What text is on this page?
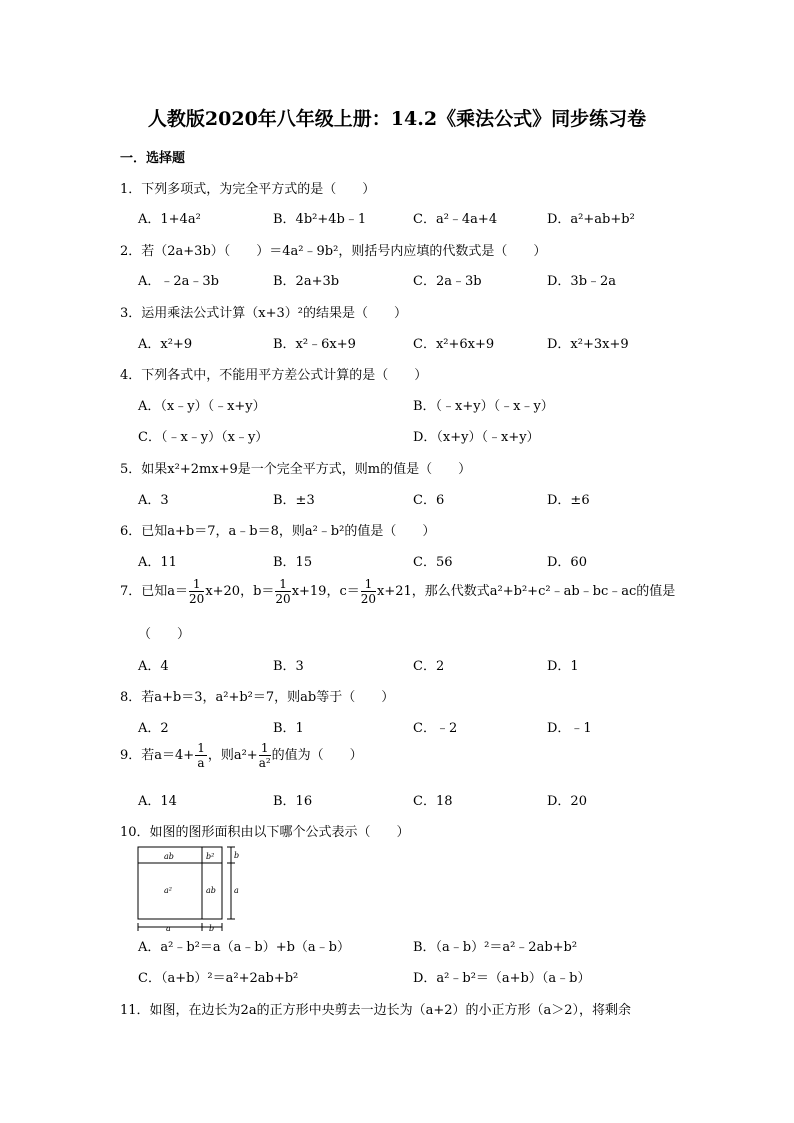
人教版2020年八年级上册：14.2《乘法公式》同步练习卷
一．选择题
1．下列多项式，为完全平方式的是（　　）
A．1+4a²	B．4b²+4b﹣1	C．a²﹣4a+4	D．a²+ab+b²
2．若（2a+3b）（　　）＝4a²﹣9b²，则括号内应填的代数式是（　　）
A．﹣2a﹣3b	B．2a+3b	C．2a﹣3b	D．3b﹣2a
3．运用乘法公式计算（x+3）²的结果是（　　）
A．x²+9	B．x²﹣6x+9	C．x²+6x+9	D．x²+3x+9
4．下列各式中，不能用平方差公式计算的是（　　）
A．（x﹣y）（﹣x+y）	B．（﹣x+y）（﹣x﹣y）
C．（﹣x﹣y）（x﹣y）	D．（x+y）（﹣x+y）
5．如果x²+2mx+9是一个完全平方式，则m的值是（　　）
A．3	B．±3	C．6	D．±6
6．已知a+b＝7，a﹣b＝8，则a²﹣b²的值是（　　）
A．11	B．15	C．56	D．60
7．已知$a= \frac{1}{20} x+20$，$b= \frac{1}{20} x+19$，$c= \frac{1}{20} x+21$，那么代数式a²+b²+c²﹣ab﹣bc﹣ac的值是
（　　）
A．4	B．3	C．2	D．1
8．若a+b＝3，a²+b²＝7，则ab等于（　　）
A．2	B．1	C．﹣2	D．﹣1
9．若$a=4+ \frac{1}{a}$ ，则$a^2+ \frac{1}{\text{a²}}$ 的值为（　　）
A．14	B．16	C．18	D．20
10．如图的图形面积由以下哪个公式表示（　　）
ab	b²
a²	ab
a	b
a
b
A．a²﹣b²＝a（a﹣b）+b（a﹣b）	B．（a﹣b）²＝a²﹣2ab+b²
C．（a+b）²＝a²+2ab+b²	D．a²﹣b²＝（a+b）（a﹣b）
11．如图，在边长为2a的正方形中央剪去一边长为（a+2）的小正方形（a＞2），将剩余
